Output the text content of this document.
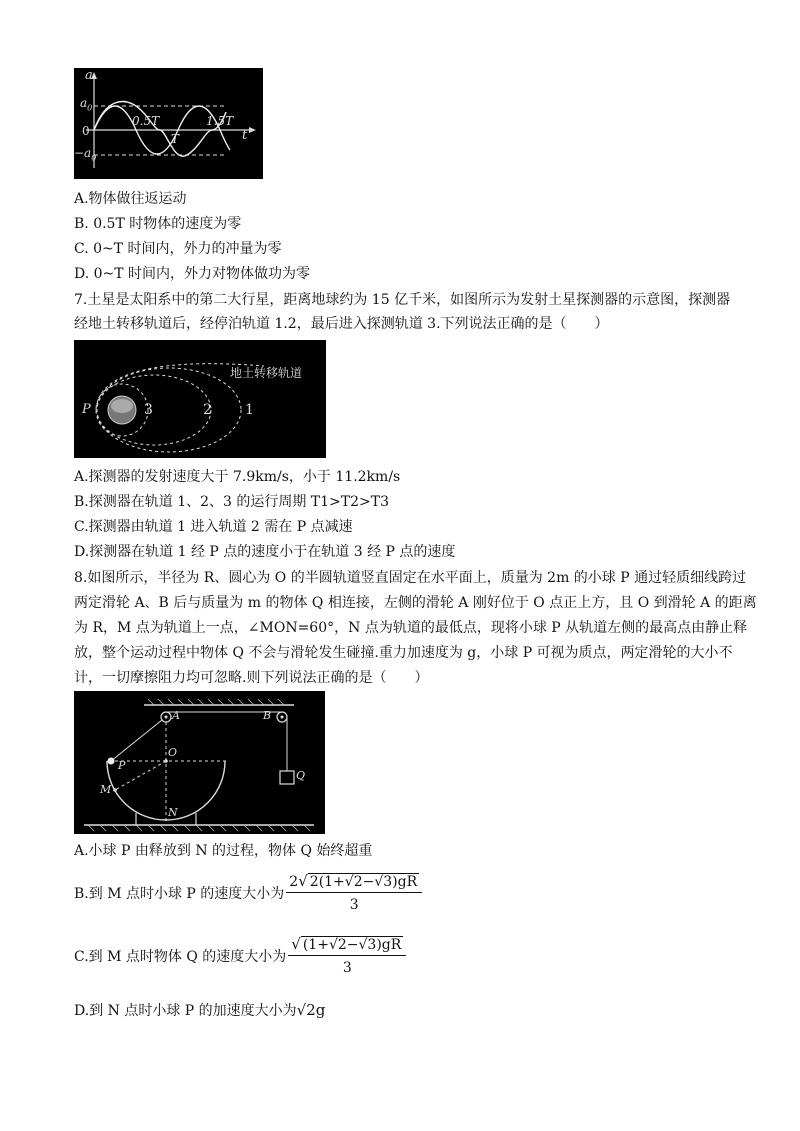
a
t
$a_0$
$-a_0$
0
0.5T
T
1.5T
A.物体做往返运动
B. 0.5T 时物体的速度为零
C. 0~T 时间内，外力的冲量为零
D. 0~T 时间内，外力对物体做功为零
7.土星是太阳系中的第二大行星，距离地球约为 15 亿千米，如图所示为发射土星探测器的示意图，探测器
经地土转移轨道后，经停泊轨道 1.2，最后进入探测轨道 3.下列说法正确的是（　　）
地土转移轨道
P	3	2 1
A.探测器的发射速度大于 7.9km/s，小于 11.2km/s
B.探测器在轨道 1、2、3 的运行周期 T1>T2>T3
C.探测器由轨道 1 进入轨道 2 需在 P 点减速
D.探测器在轨道 1 经 P 点的速度小于在轨道 3 经 P 点的速度
8.如图所示，半径为 R、圆心为 O 的半圆轨道竖直固定在水平面上，质量为 2m 的小球 P 通过轻质细线跨过
两定滑轮 A、B 后与质量为 m 的物体 Q 相连接，左侧的滑轮 A 刚好位于 O 点正上方，且 O 到滑轮 A 的距离
为 R，M 点为轨道上一点，∠MON=60°，N 点为轨道的最低点，现将小球 P 从轨道左侧的最高点由静止释
放，整个运动过程中物体 Q 不会与滑轮发生碰撞.重力加速度为 g，小球 P 可视为质点，两定滑轮的大小不
计，一切摩擦阻力均可忽略.则下列说法正确的是（　　）
A	B
O
P
M
N
Q
A.小球 P 由释放到 N 的过程，物体 Q 始终超重
B.到 M 点时小球 P 的速度大小为 $\frac{2√ 2(1+√2-√3)gR}{3}$
C.到 M 点时物体 Q 的速度大小为 $\frac{√ (1+√2-√3)gR}{3}$
D.到 N 点时小球 P 的加速度大小为√2g
